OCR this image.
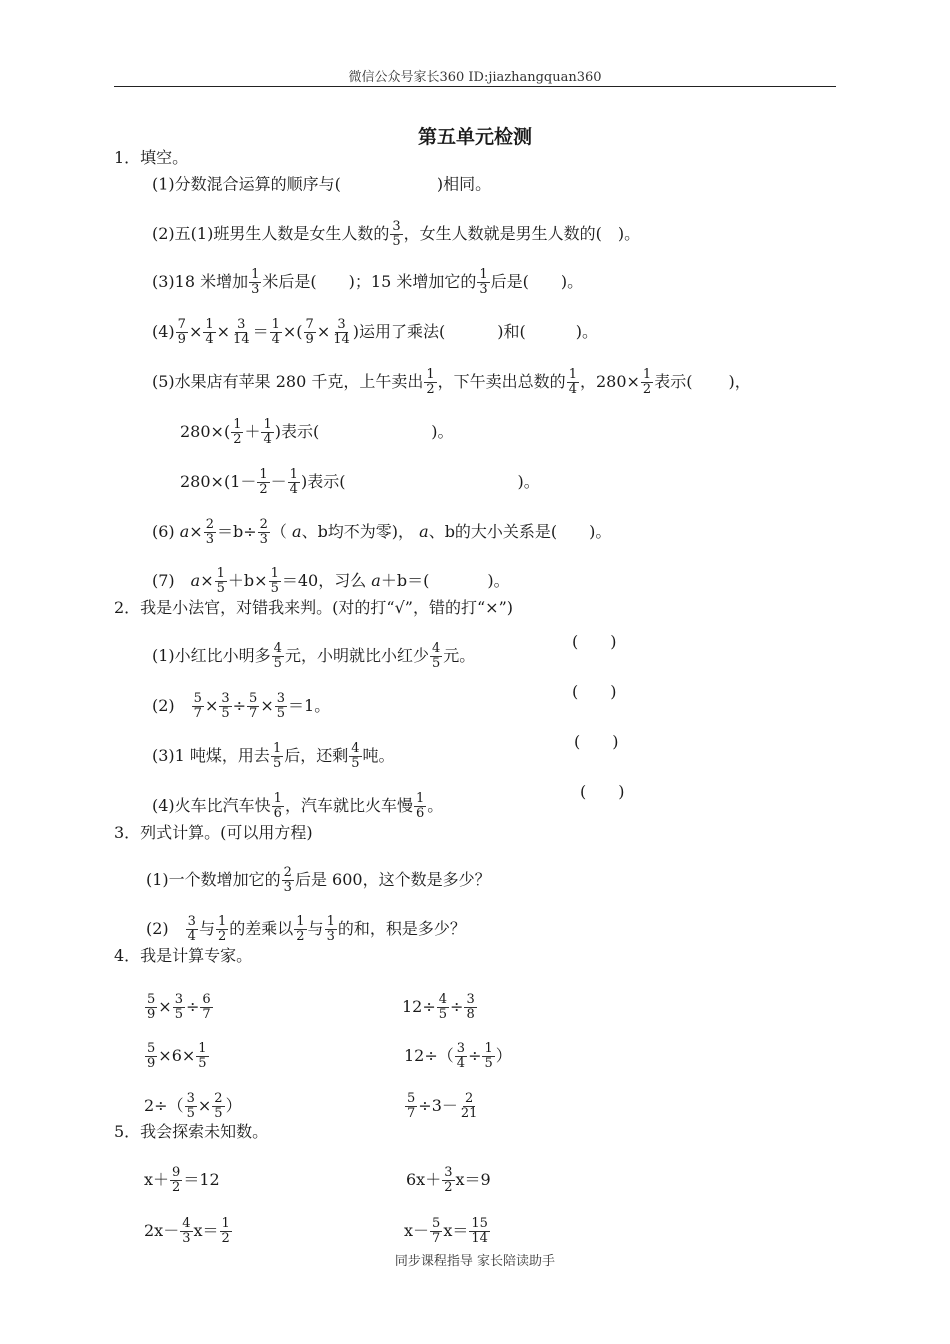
微信公众号家长360 ID:jiazhangquan360
第五单元检测
1．填空。
(1)分数混合运算的顺序与(	)相同。
(2)五(1)班男生人数是女生人数的 $\frac{3}{5}$ ，女生人数就是男生人数的(　)。
(3)18 米增加 $\frac{1}{3}$ 米后是(　　)；15 米增加它的 $\frac{1}{3}$ 后是(　　)。
$(4) \frac{7}{9} \times \frac{1}{4} \times \frac{3}{14} = \frac{1}{4}$ ×( $\frac{7}{9} \times \frac{3}{14}$ )运用了乘法(	)和(	)。
(5)水果店有苹果 280 千克，上午卖出 $\frac{1}{2}$ ，下午卖出总数的 $\frac{1}{4}$ ，$280\times \frac{1}{2}$ 表示( )，
$280\times( \frac{1}{2} + \frac{1}{4}$ )表示(	)。
$280\times(1- \frac{1}{2} - \frac{1}{4}$ )表示(	)。
(6) $a\times \frac{2}{3} =b\div \frac{2}{3}$ （ a、b均不为零)， a、b的大小关系是(　　)。
(7)　$a\times \frac{1}{5} +b\times \frac{1}{5} =40$，习么 a＋b＝(	)。
2．我是小法官，对错我来判。(对的打“√”，错的打“×”)
(1)小红比小明多 $\frac{4}{5}$ 元，小明就比小红少 $\frac{4}{5}$ 元。
(　　)
(2)　 $\frac{5}{7} \times \frac{3}{5} \div \frac{5}{7} \times \frac{3}{5} =1$。
(　　)
(3)1 吨煤，用去 $\frac{1}{5}$ 后，还剩 $\frac{4}{5}$ 吨。
(　　)
(4)火车比汽车快 $\frac{1}{6}$ ，汽车就比火车慢 $\frac{1}{6}$ 。
(　　)
3．列式计算。(可以用方程)
(1)一个数增加它的 $\frac{2}{3}$ 后是 600，这个数是多少？
(2)　 $\frac{3}{4}$ 与 $\frac{1}{2}$ 的差乘以 $\frac{1}{2}$ 与 $\frac{1}{3}$ 的和，积是多少？
4．我是计算专家。
$\frac{5}{9} \times \frac{3}{5} \div \frac{6}{7}$	$12\div \frac{4}{5} \div \frac{3}{8}$
$\frac{5}{9} \times 6\times \frac{1}{5}$	$12\div( \frac{3}{4} \div \frac{1}{5}$ ）
$2\div( \frac{3}{5} \times \frac{2}{5}$ ）	$\frac{5}{7} \div 3- \frac{2}{21}$
5．我会探索未知数。
$x+ \frac{9}{2} =12$	$6x+ \frac{3}{2} x=9$
$2x- \frac{4}{3} x= \frac{1}{2}$	$x- \frac{5}{7} x= \frac{15}{14}$
同步课程指导 家长陪读助手
